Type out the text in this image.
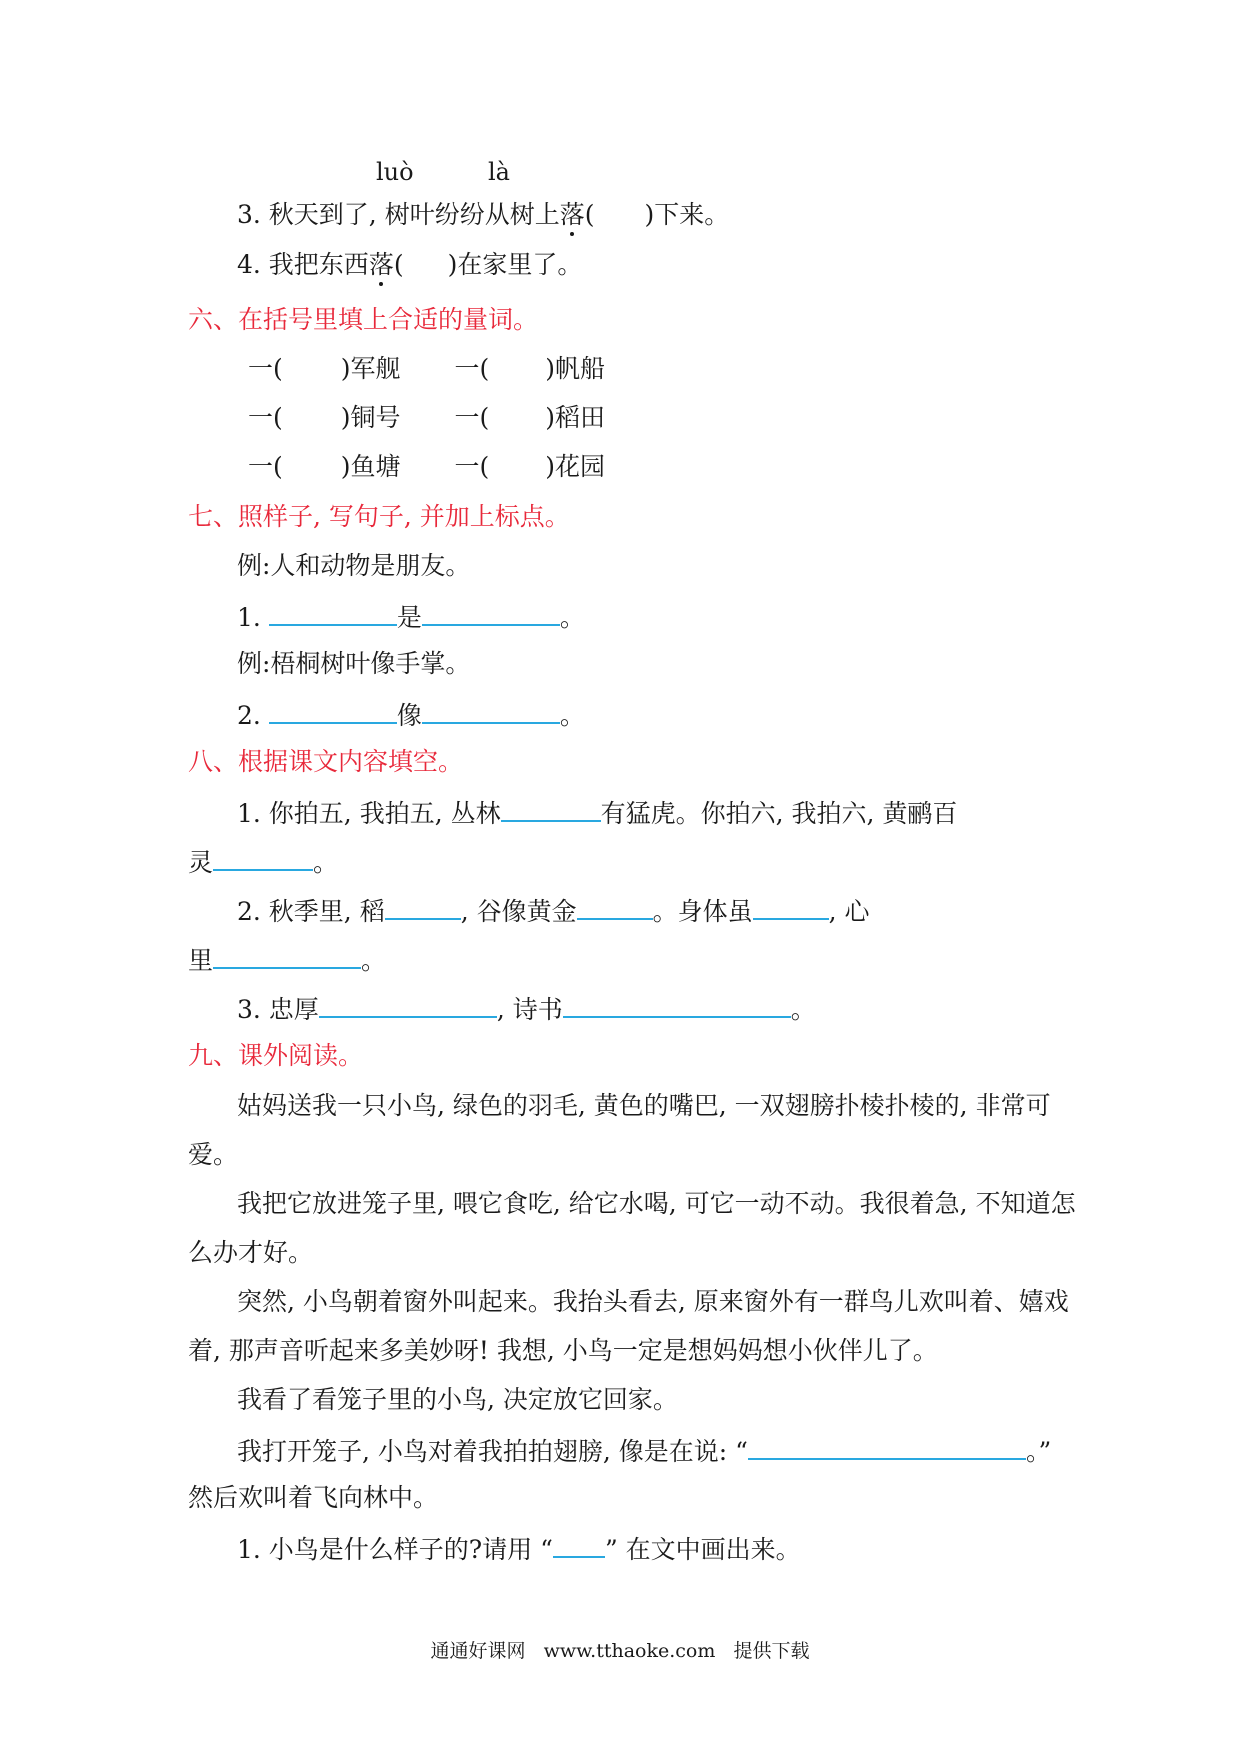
luò	là
3. 秋天到了, 树叶纷纷从树上落( )下来。
4. 我把东西落( )在家里了。
六、在括号里填上合适的量词。
一( )军舰 一( )帆船
一( )铜号 一( )稻田
一( )鱼塘 一( )花园
七、照样子, 写句子, 并加上标点。
例:人和动物是朋友。
1.	是	。
例:梧桐树叶像手掌。
2.	像	。
八、根据课文内容填空。
1. 你拍五, 我拍五, 丛林	有猛虎。你拍六, 我拍六, 黄鹂百
灵	。
2. 秋季里, 稻	, 谷像黄金	。身体虽	, 心
里	。
3. 忠厚	, 诗书	。
九、课外阅读。
姑妈送我一只小鸟, 绿色的羽毛, 黄色的嘴巴, 一双翅膀扑棱扑棱的, 非常可
爱。
我把它放进笼子里, 喂它食吃, 给它水喝, 可它一动不动。我很着急, 不知道怎
么办才好。
突然, 小鸟朝着窗外叫起来。我抬头看去, 原来窗外有一群鸟儿欢叫着、嬉戏
着, 那声音听起来多美妙呀! 我想, 小鸟一定是想妈妈想小伙伴儿了。
我看了看笼子里的小鸟, 决定放它回家。
我打开笼子, 小鸟对着我拍拍翅膀, 像是在说: “	。”
然后欢叫着飞向林中。
1. 小鸟是什么样子的?请用 “ ” 在文中画出来。
通通好课网   www.tthaoke.com   提供下载
